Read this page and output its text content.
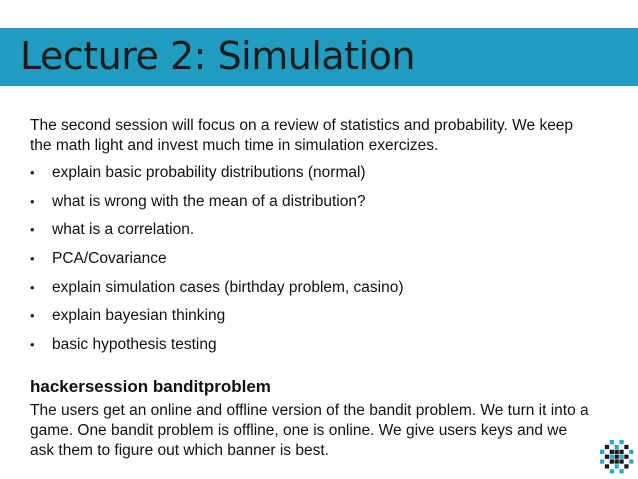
Lecture 2: Simulation

The second session will focus on a review of statistics and probability. We keep the math light and invest much time in simulation exercizes.

•	explain basic probability distributions (normal)
•	what is wrong with the mean of a distribution?
•	what is a correlation.
•	PCA/Covariance
•	explain simulation cases (birthday problem, casino)
•	explain bayesian thinking
•	basic hypothesis testing
hackersession banditproblem

The users get an online and offline version of the bandit problem. We turn it into a game. One bandit problem is offline, one is online. We give users keys and we ask them to figure out which banner is best.
